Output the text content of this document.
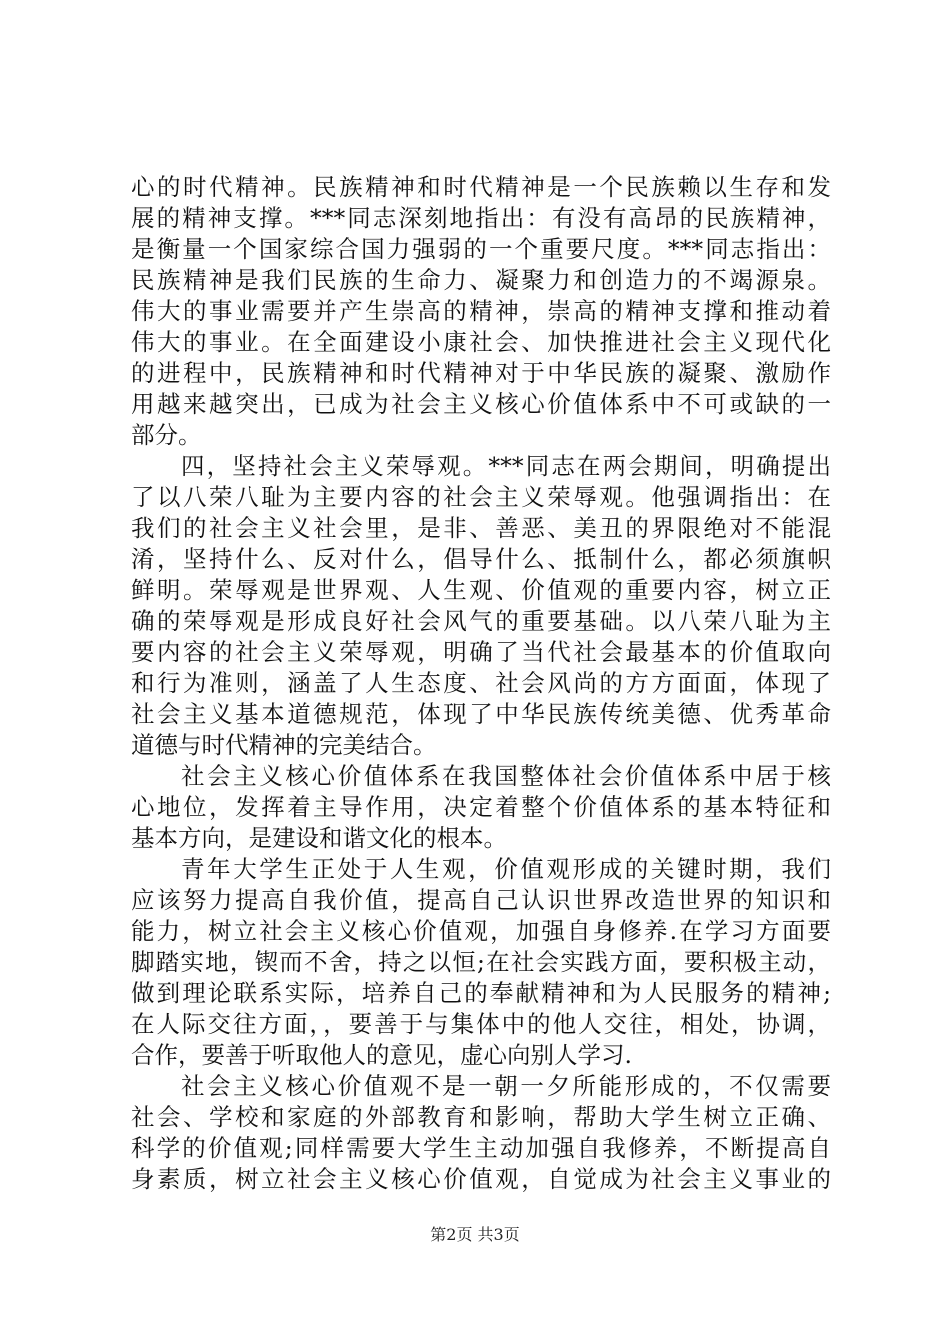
心的时代精神。民族精神和时代精神是一个民族赖以生存和发
展的精神支撑。***同志深刻地指出：有没有高昂的民族精神，
是衡量一个国家综合国力强弱的一个重要尺度。***同志指出：
民族精神是我们民族的生命力、凝聚力和创造力的不竭源泉。
伟大的事业需要并产生崇高的精神，崇高的精神支撑和推动着
伟大的事业。在全面建设小康社会、加快推进社会主义现代化
的进程中，民族精神和时代精神对于中华民族的凝聚、激励作
用越来越突出，已成为社会主义核心价值体系中不可或缺的一
部分。
四，坚持社会主义荣辱观。***同志在两会期间，明确提出
了以八荣八耻为主要内容的社会主义荣辱观。他强调指出：在
我们的社会主义社会里，是非、善恶、美丑的界限绝对不能混
淆，坚持什么、反对什么，倡导什么、抵制什么，都必须旗帜
鲜明。荣辱观是世界观、人生观、价值观的重要内容，树立正
确的荣辱观是形成良好社会风气的重要基础。以八荣八耻为主
要内容的社会主义荣辱观，明确了当代社会最基本的价值取向
和行为准则，涵盖了人生态度、社会风尚的方方面面，体现了
社会主义基本道德规范，体现了中华民族传统美德、优秀革命
道德与时代精神的完美结合。
社会主义核心价值体系在我国整体社会价值体系中居于核
心地位，发挥着主导作用，决定着整个价值体系的基本特征和
基本方向，是建设和谐文化的根本。
青年大学生正处于人生观，价值观形成的关键时期，我们
应该努力提高自我价值，提高自己认识世界改造世界的知识和
能力，树立社会主义核心价值观，加强自身修养.在学习方面要
脚踏实地，锲而不舍，持之以恒;在社会实践方面，要积极主动，
做到理论联系实际，培养自己的奉献精神和为人民服务的精神;
在人际交往方面，，要善于与集体中的他人交往，相处，协调，
合作，要善于听取他人的意见，虚心向别人学习.
社会主义核心价值观不是一朝一夕所能形成的，不仅需要
社会、学校和家庭的外部教育和影响，帮助大学生树立正确、
科学的价值观;同样需要大学生主动加强自我修养，不断提高自
身素质，树立社会主义核心价值观，自觉成为社会主义事业的
第2页 共3页
